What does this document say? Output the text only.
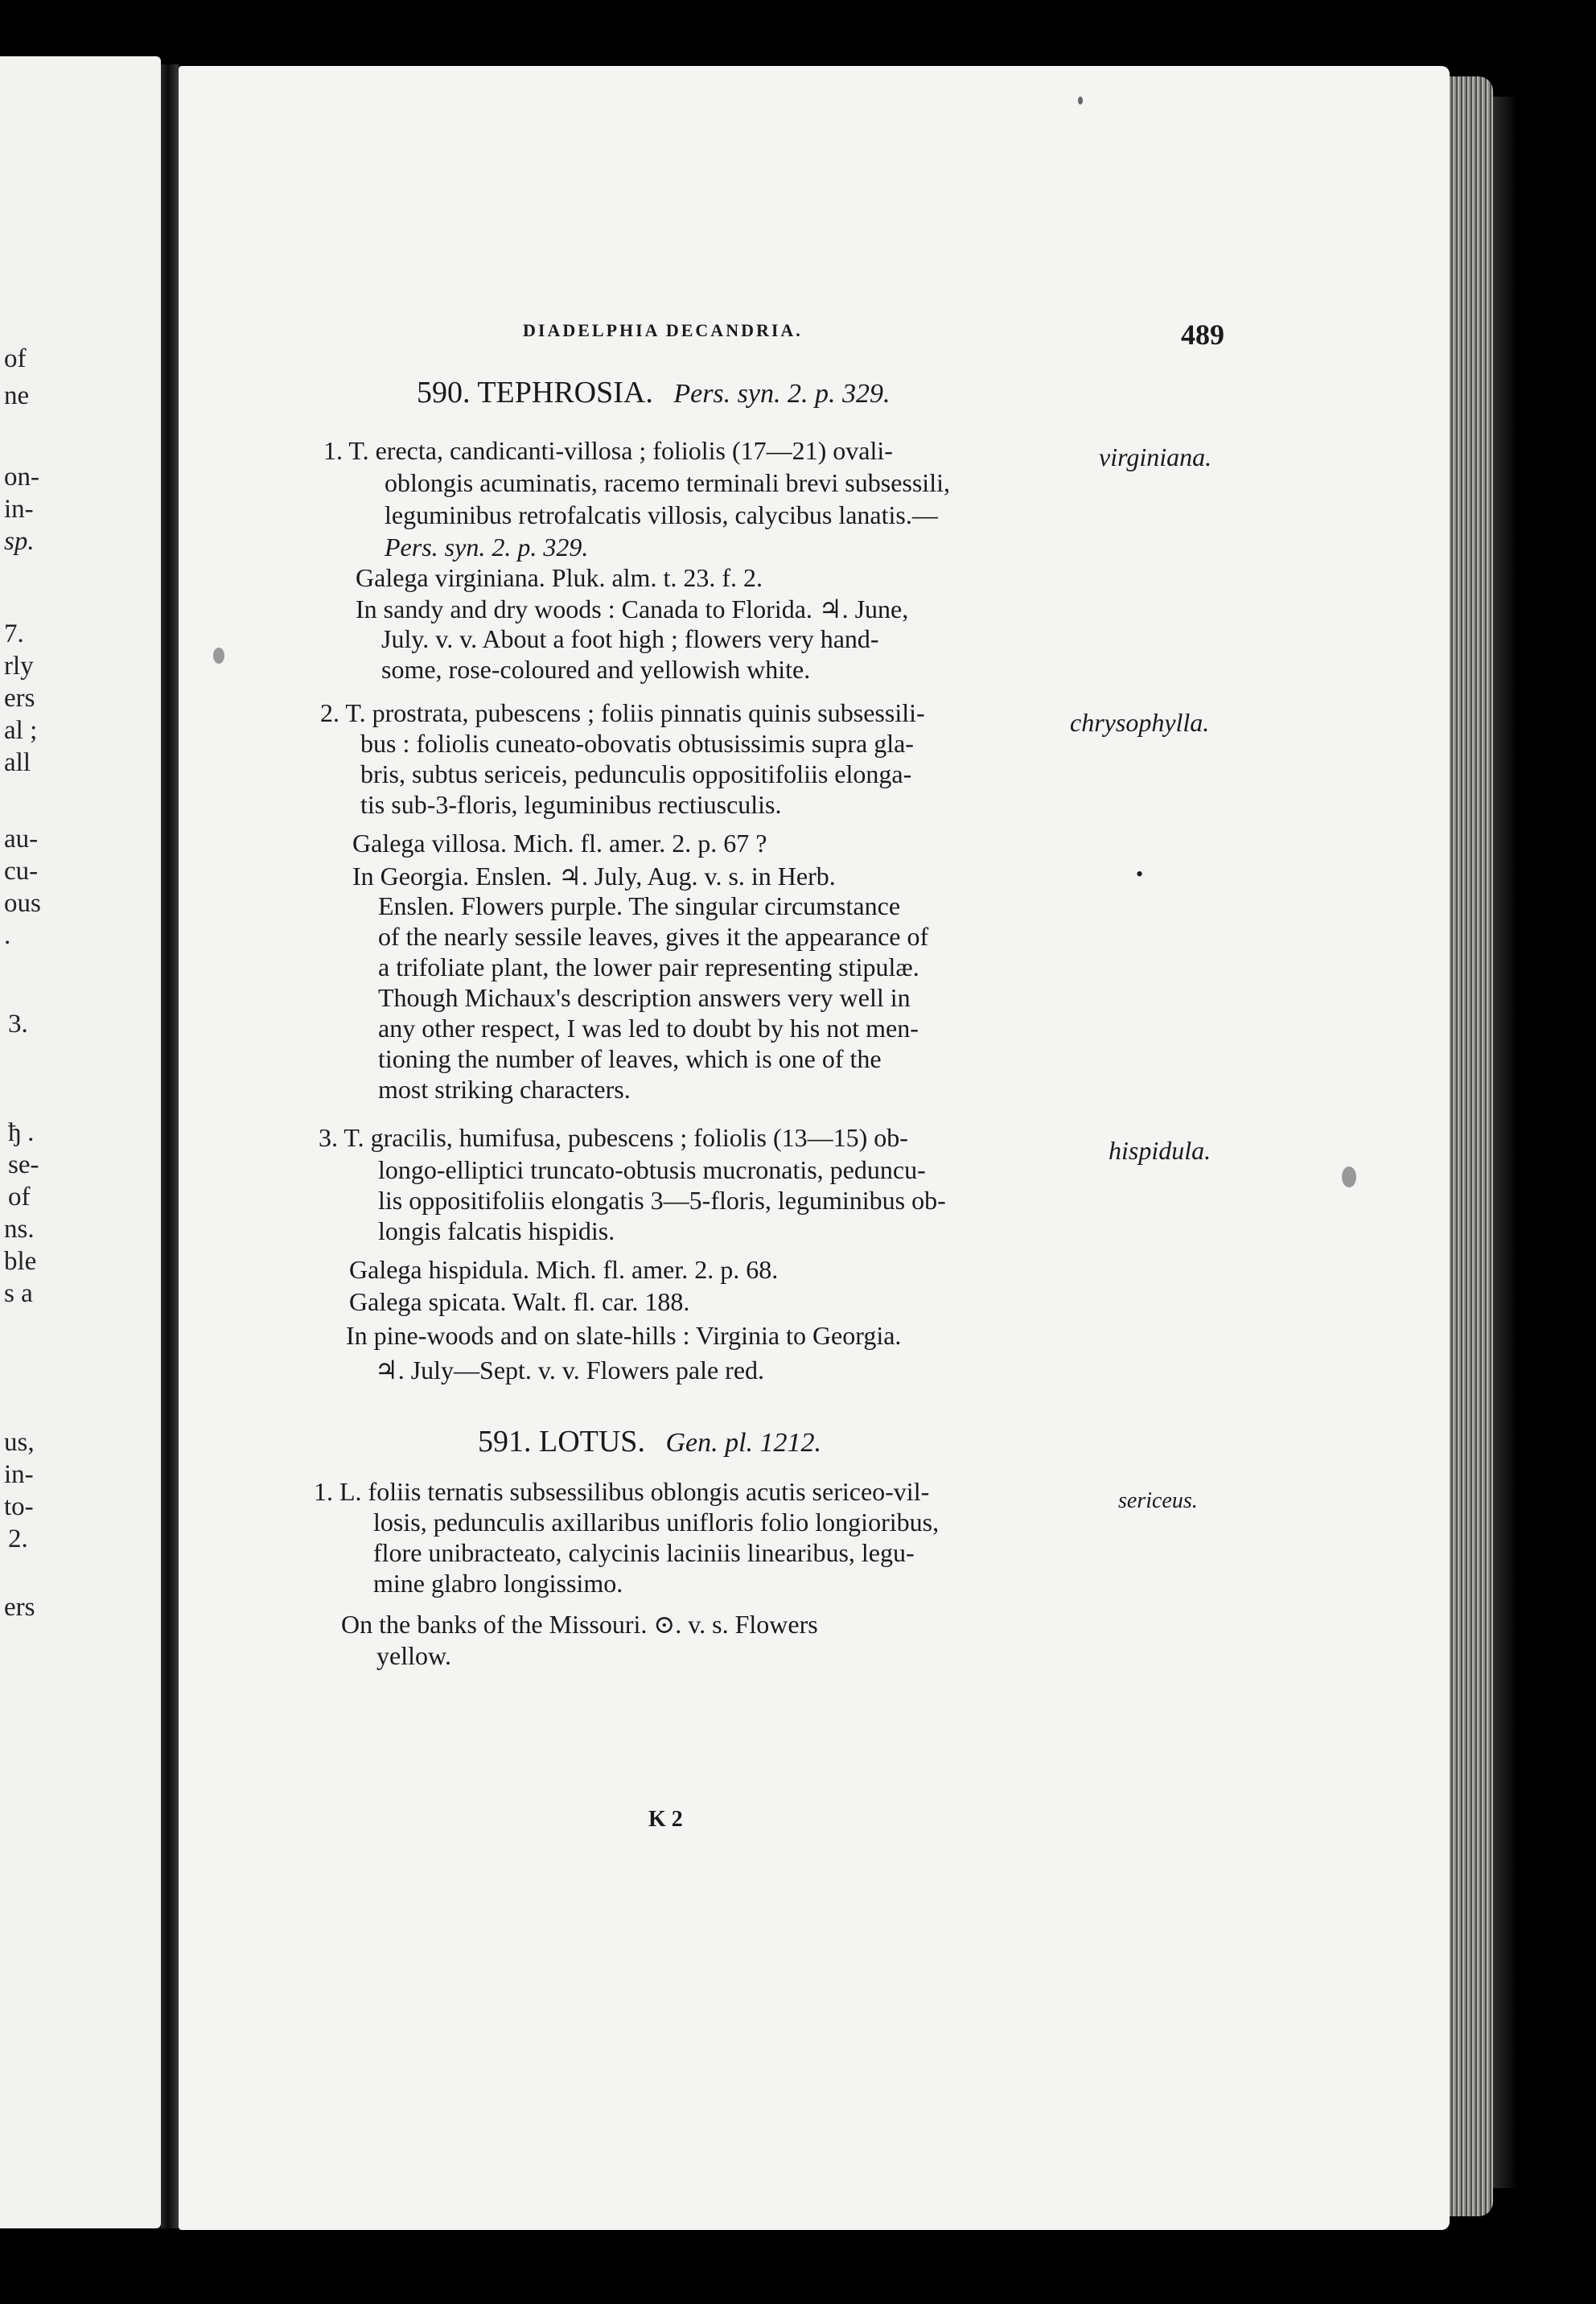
of
ne
on-
in-
sp.
7.
rly
ers
al ;
all
au-
cu-
ous
.
3.
ђ .
se-
of
ns.
ble
s a
us,
in-
to-
2.
ers
DIADELPHIA DECANDRIA.	489
590. TEPHROSIA. Pers. syn. 2. p. 329.
1. T. erecta, candicanti-villosa ; foliolis (17—21) ovali-
oblongis acuminatis, racemo terminali brevi subsessili,
leguminibus retrofalcatis villosis, calycibus lanatis.—
Pers. syn. 2. p. 329.
Galega virginiana. Pluk. alm. t. 23. f. 2.
In sandy and dry woods : Canada to Florida. ♃. June,
July. v. v. About a foot high ; flowers very hand-
some, rose-coloured and yellowish white.
virginiana.
2. T. prostrata, pubescens ; foliis pinnatis quinis subsessili-
bus : foliolis cuneato-obovatis obtusissimis supra gla-
bris, subtus sericeis, pedunculis oppositifoliis elonga-
tis sub-3-floris, leguminibus rectiusculis.
Galega villosa. Mich. fl. amer. 2. p. 67 ?
In Georgia. Enslen. ♃. July, Aug. v. s. in Herb.
Enslen. Flowers purple. The singular circumstance
of the nearly sessile leaves, gives it the appearance of
a trifoliate plant, the lower pair representing stipulæ.
Though Michaux's description answers very well in
any other respect, I was led to doubt by his not men-
tioning the number of leaves, which is one of the
most striking characters.
chrysophylla.
•
3. T. gracilis, humifusa, pubescens ; foliolis (13—15) ob-
longo-elliptici truncato-obtusis mucronatis, peduncu-
lis oppositifoliis elongatis 3—5-floris, leguminibus ob-
longis falcatis hispidis.
Galega hispidula. Mich. fl. amer. 2. p. 68.
Galega spicata. Walt. fl. car. 188.
In pine-woods and on slate-hills : Virginia to Georgia.
♃. July—Sept. v. v. Flowers pale red.
hispidula.
591. LOTUS. Gen. pl. 1212.
1. L. foliis ternatis subsessilibus oblongis acutis sericeo-vil-
losis, pedunculis axillaribus unifloris folio longioribus,
flore unibracteato, calycinis laciniis linearibus, legu-
mine glabro longissimo.
On the banks of the Missouri. ⊙. v. s. Flowers
yellow.
sericeus.
K 2
